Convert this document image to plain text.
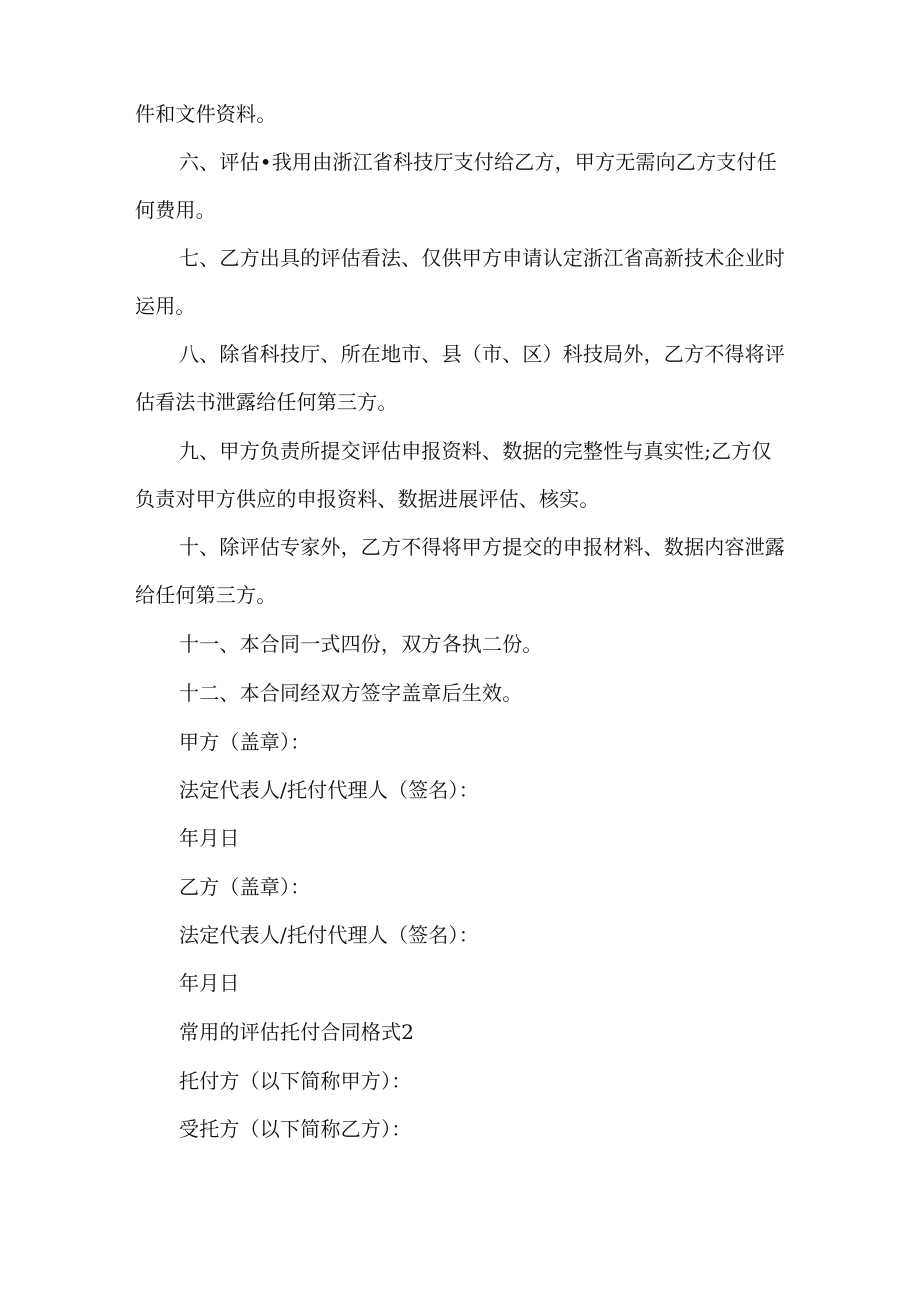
件和文件资料。
六、评估•我用由浙江省科技厅支付给乙方，甲方无需向乙方支付任
何费用。
七、乙方出具的评估看法、仅供甲方申请认定浙江省高新技术企业时
运用。
八、除省科技厅、所在地市、县（市、区）科技局外，乙方不得将评
估看法书泄露给任何第三方。
九、甲方负责所提交评估申报资料、数据的完整性与真实性;乙方仅
负责对甲方供应的申报资料、数据进展评估、核实。
十、除评估专家外，乙方不得将甲方提交的申报材料、数据内容泄露
给任何第三方。
十一、本合同一式四份，双方各执二份。
十二、本合同经双方签字盖章后生效。
甲方（盖章）：
法定代表人/托付代理人（签名）：
年月日
乙方（盖章）：
法定代表人/托付代理人（签名）：
年月日
常用的评估托付合同格式2
托付方（以下简称甲方）：
受托方（以下简称乙方）：
